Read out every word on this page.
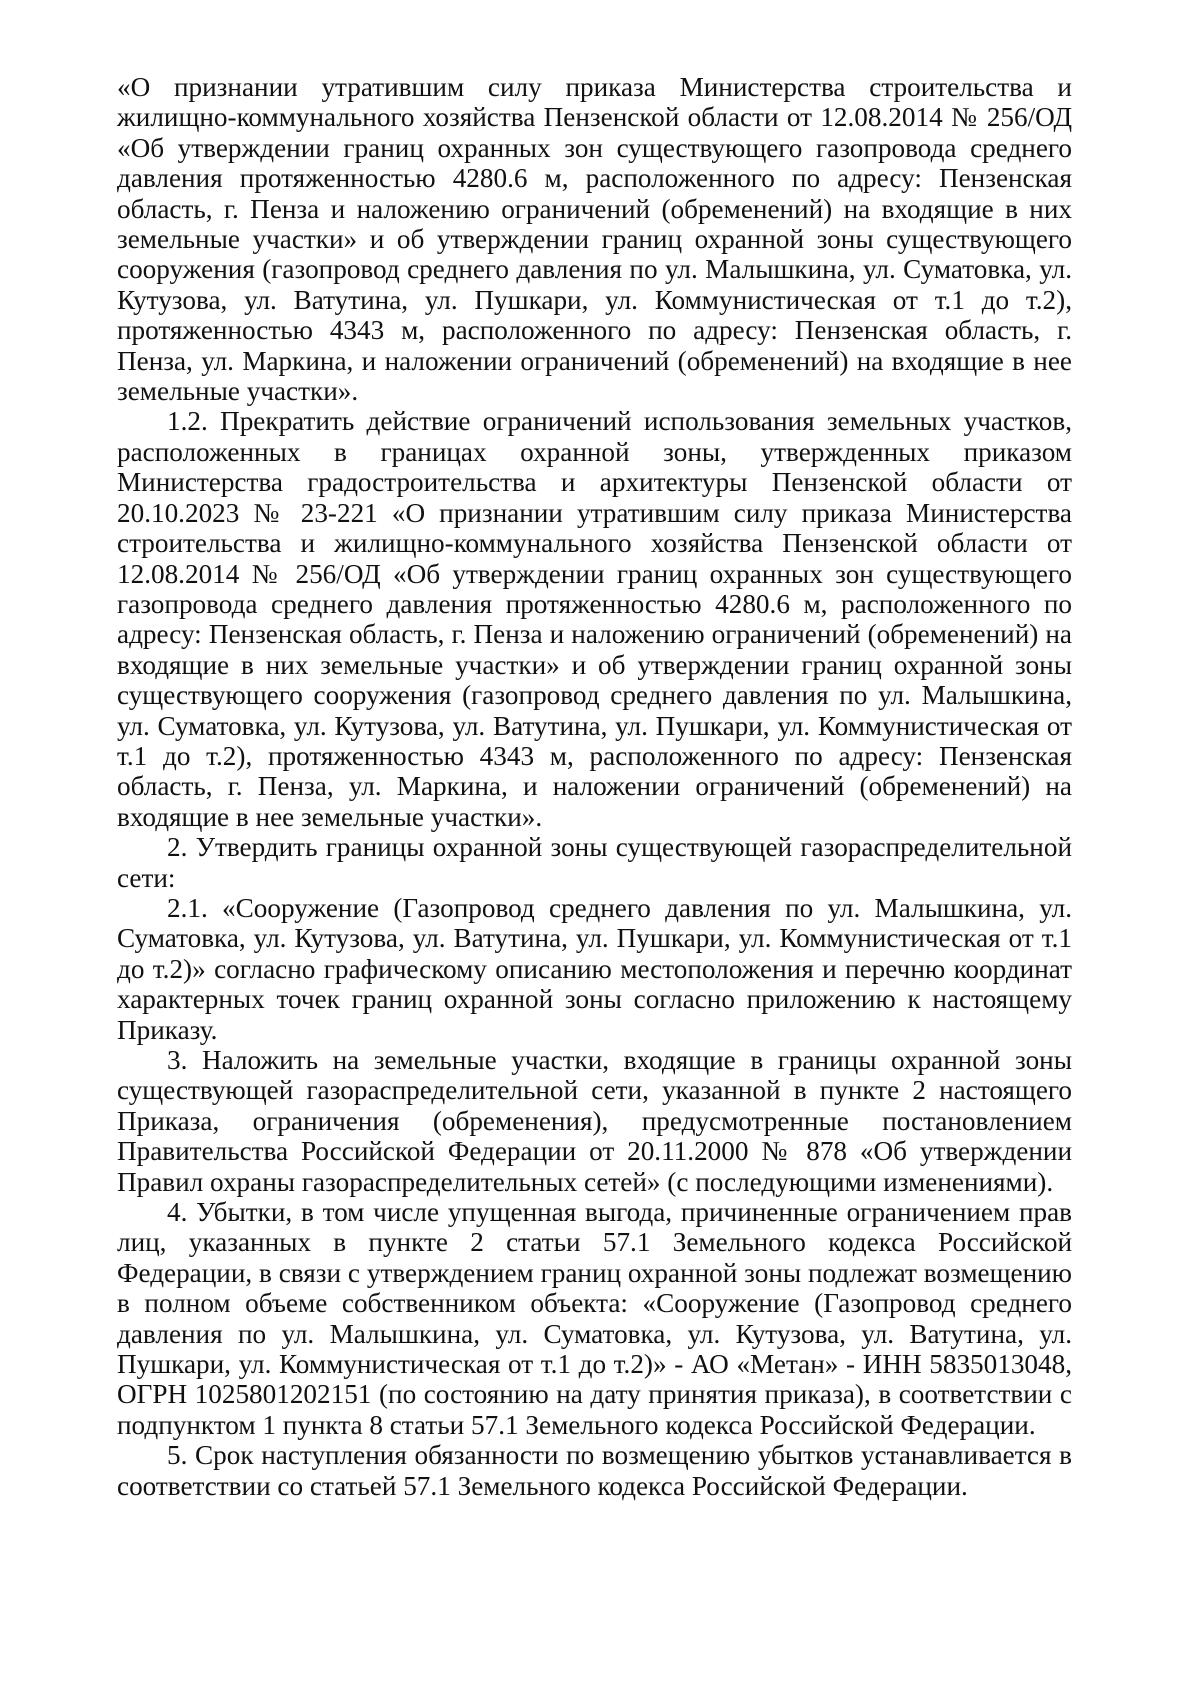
«О признании утратившим силу приказа Министерства строительства и жилищно-коммунального хозяйства Пензенской области от 12.08.2014 № 256/ОД «Об утверждении границ охранных зон существующего газопровода среднего давления протяженностью 4280.6 м, расположенного по адресу: Пензенская область, г. Пенза и наложению ограничений (обременений) на входящие в них земельные участки» и об утверждении границ охранной зоны существующего сооружения (газопровод среднего давления по ул. Малышкина, ул. Суматовка, ул. Кутузова, ул. Ватутина, ул. Пушкари, ул. Коммунистическая от т.1 до т.2), протяженностью 4343 м, расположенного по адресу: Пензенская область, г. Пенза, ул. Маркина, и наложении ограничений (обременений) на входящие в нее земельные участки».

1.2. Прекратить действие ограничений использования земельных участков, расположенных в границах охранной зоны, утвержденных приказом Министерства градостроительства и архитектуры Пензенской области от 20.10.2023 № 23-221 «О признании утратившим силу приказа Министерства строительства и жилищно-коммунального хозяйства Пензенской области от 12.08.2014 № 256/ОД «Об утверждении границ охранных зон существующего газопровода среднего давления протяженностью 4280.6 м, расположенного по адресу: Пензенская область, г. Пенза и наложению ограничений (обременений) на входящие в них земельные участки» и об утверждении границ охранной зоны существующего сооружения (газопровод среднего давления по ул. Малышкина, ул. Суматовка, ул. Кутузова, ул. Ватутина, ул. Пушкари, ул. Коммунистическая от т.1 до т.2), протяженностью 4343 м, расположенного по адресу: Пензенская область, г. Пенза, ул. Маркина, и наложении ограничений (обременений) на входящие в нее земельные участки».

2. Утвердить границы охранной зоны существующей газораспределительной сети:

2.1. «Сооружение (Газопровод среднего давления по ул. Малышкина, ул. Суматовка, ул. Кутузова, ул. Ватутина, ул. Пушкари, ул. Коммунистическая от т.1 до т.2)» согласно графическому описанию местоположения и перечню координат характерных точек границ охранной зоны согласно приложению к настоящему Приказу.

3. Наложить на земельные участки, входящие в границы охранной зоны существующей газораспределительной сети, указанной в пункте 2 настоящего Приказа, ограничения (обременения), предусмотренные постановлением Правительства Российской Федерации от 20.11.2000 № 878 «Об утверждении Правил охраны газораспределительных сетей» (с последующими изменениями).

4. Убытки, в том числе упущенная выгода, причиненные ограничением прав лиц, указанных в пункте 2 статьи 57.1 Земельного кодекса Российской Федерации, в связи с утверждением границ охранной зоны подлежат возмещению в полном объеме собственником объекта: «Сооружение (Газопровод среднего давления по ул. Малышкина, ул. Суматовка, ул. Кутузова, ул. Ватутина, ул. Пушкари, ул. Коммунистическая от т.1 до т.2)» - АО «Метан» - ИНН 5835013048, ОГРН 1025801202151 (по состоянию на дату принятия приказа), в соответствии с подпунктом 1 пункта 8 статьи 57.1 Земельного кодекса Российской Федерации.

5. Срок наступления обязанности по возмещению убытков устанавливается в соответствии со статьей 57.1 Земельного кодекса Российской Федерации.
